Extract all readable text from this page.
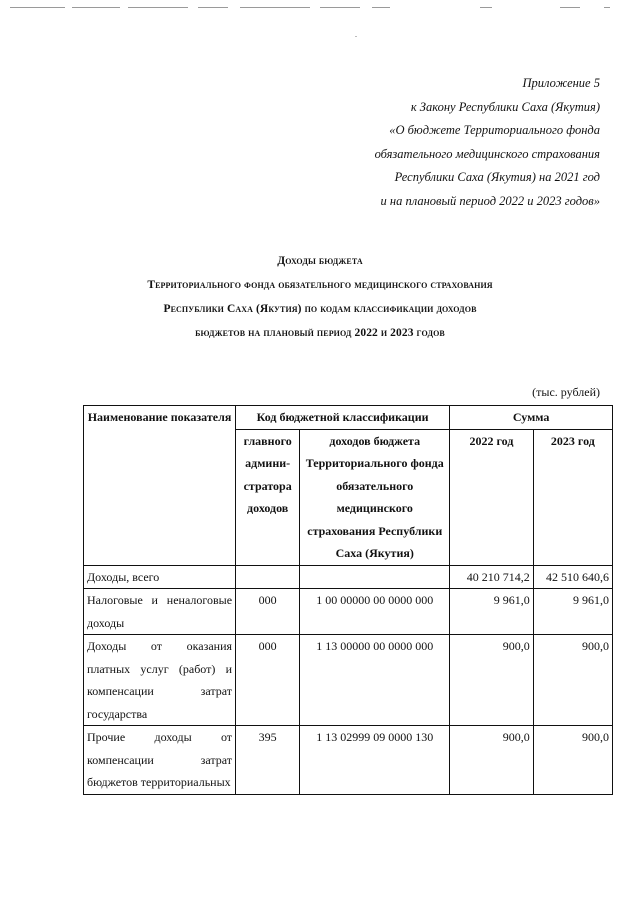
Приложение 5
к Закону Республики Саха (Якутия)
«О бюджете Территориального фонда
обязательного медицинского страхования
Республики Саха (Якутия) на 2021 год
и на плановый период 2022 и 2023 годов»
Доходы бюджета
Территориального фонда обязательного медицинского страхования
Республики Саха (Якутия) по кодам классификации доходов
бюджетов на плановый период 2022 и 2023 годов
(тыс. рублей)
Наименование показателя	Код бюджетной классификации		Сумма	
	главного админи-стратора доходов	доходов бюджета Территориального фонда обязательного медицинского страхования Республики Саха (Якутия)	2022 год	2023 год
Доходы, всего			40 210 714,2	42 510 640,6
Налоговые и неналоговые доходы	000	1 00 00000 00 0000 000	9 961,0	9 961,0
Доходы от оказания платных услуг (работ) и компенсации затрат государства	000	1 13 00000 00 0000 000	900,0	900,0
Прочие доходы от компенсации затрат бюджетов территориальных	395	1 13 02999 09 0000 130	900,0	900,0
